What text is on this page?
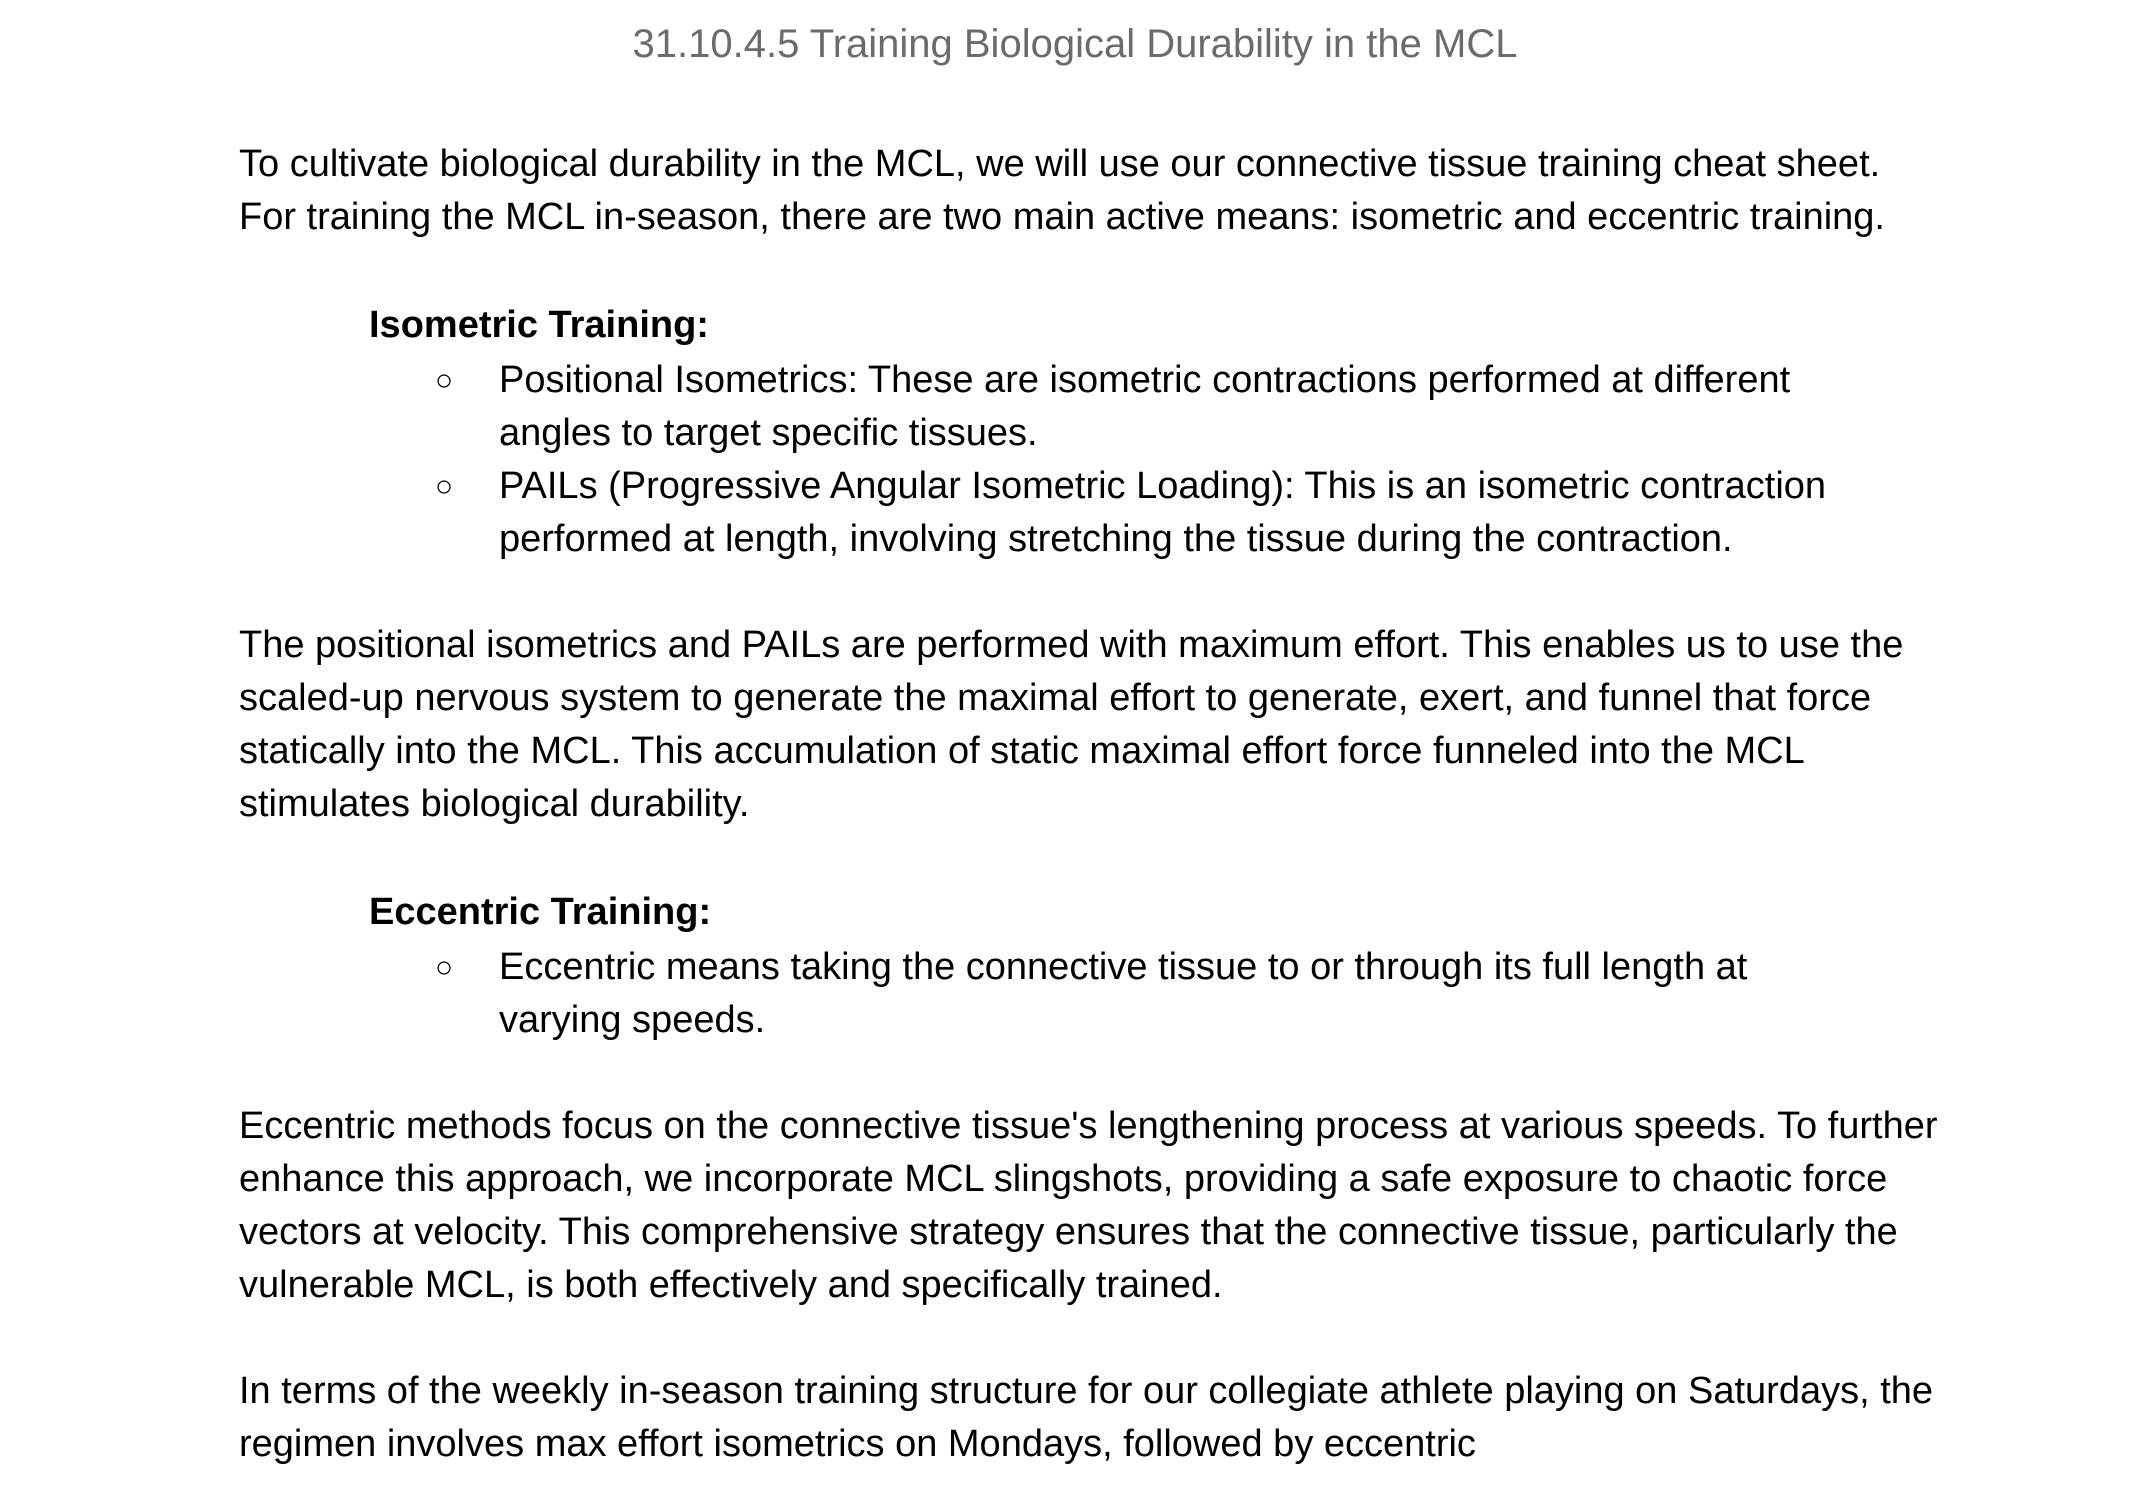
31.10.4.5 Training Biological Durability in the MCL

To cultivate biological durability in the MCL, we will use our connective tissue training cheat sheet. For training the MCL in-season, there are two main active means: isometric and eccentric training.

Isometric Training:
○ Positional Isometrics: These are isometric contractions performed at different angles to target specific tissues.
○ PAILs (Progressive Angular Isometric Loading): This is an isometric contraction performed at length, involving stretching the tissue during the contraction.

The positional isometrics and PAILs are performed with maximum effort. This enables us to use the scaled-up nervous system to generate the maximal effort to generate, exert, and funnel that force statically into the MCL. This accumulation of static maximal effort force funneled into the MCL stimulates biological durability.

Eccentric Training:
○ Eccentric means taking the connective tissue to or through its full length at varying speeds.

Eccentric methods focus on the connective tissue's lengthening process at various speeds. To further enhance this approach, we incorporate MCL slingshots, providing a safe exposure to chaotic force vectors at velocity. This comprehensive strategy ensures that the connective tissue, particularly the vulnerable MCL, is both effectively and specifically trained.

In terms of the weekly in-season training structure for our collegiate athlete playing on Saturdays, the regimen involves max effort isometrics on Mondays, followed by eccentric
